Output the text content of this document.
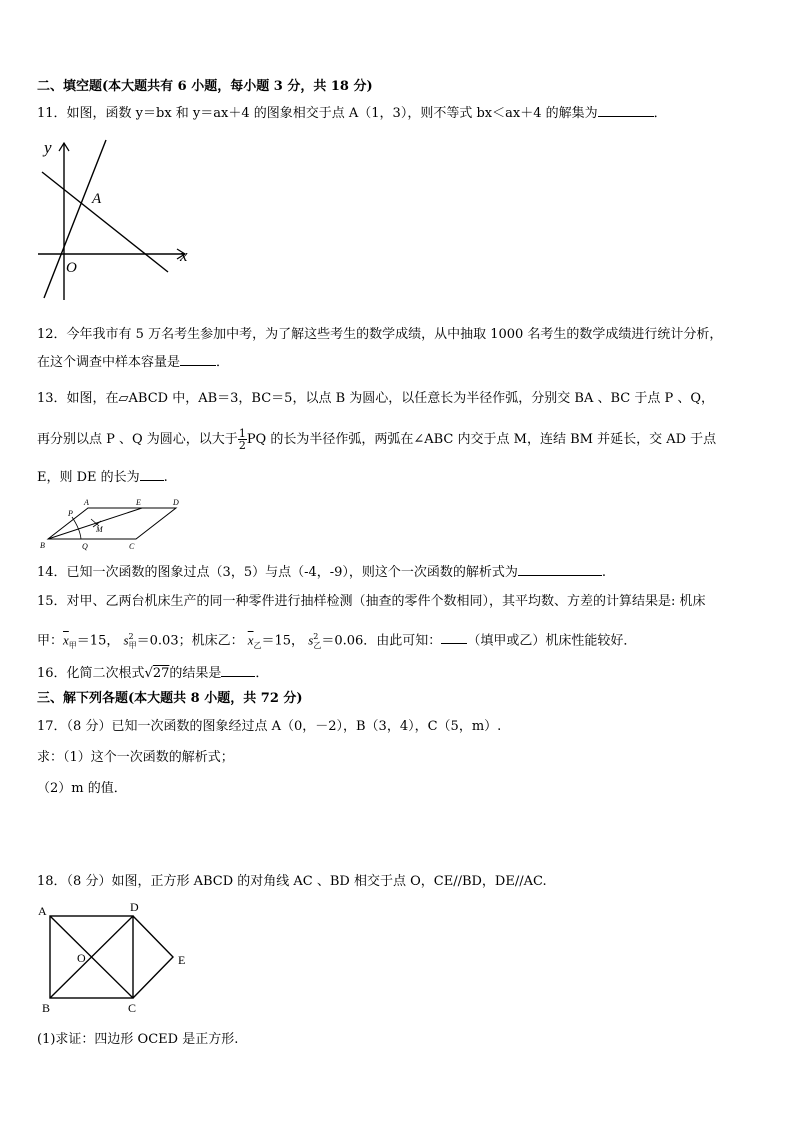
二、填空题(本大题共有 6 小题，每小题 3 分，共 18 分)
11．如图，函数 y＝bx 和 y＝ax＋4 的图象相交于点 A（1，3），则不等式 bx＜ax＋4 的解集为	．
y
x
A
O
12．今年我市有 5 万名考生参加中考，为了解这些考生的数学成绩，从中抽取 1000 名考生的数学成绩进行统计分析，
在这个调查中样本容量是	．
13．如图，在▱ABCD 中，AB＝3，BC＝5，以点 B 为圆心，以任意长为半径作弧，分别交 BA 、BC 于点 P 、Q，
再分别以点 P 、Q 为圆心，以大于 $\frac{1}{2}$ PQ 的长为半径作弧，两弧在∠ABC 内交于点 M，连结 BM 并延长，交 AD 于点
E，则 DE 的长为 .
A	E	D
P
M
B	Q	C
14．已知一次函数的图象过点（3，5）与点（-4，-9），则这个一次函数的解析式为	.
15．对甲、乙两台机床生产的同一种零件进行抽样检测（抽查的零件个数相同），其平均数、方差的计算结果是: 机床
甲：$\overline{x}_甲=15$， $s^2_甲=0.03$；机床乙： $\overline{x}_乙=15$， $s^2_乙=0.06$．由此可知： （填甲或乙）机床性能较好．
16．化简二次根式√27的结果是	．
三、解下列各题(本大题共 8 小题，共 72 分)
17．（8 分）已知一次函数的图象经过点 A（0，－2），B（3，4），C（5，m）.
求：（1）这个一次函数的解析式；
（2）m 的值．
18．（8 分）如图，正方形 ABCD 的对角线 AC 、BD 相交于点 O，CE//BD，DE//AC.
A	D
O	E
B	C
(1)求证：四边形 OCED 是正方形.
